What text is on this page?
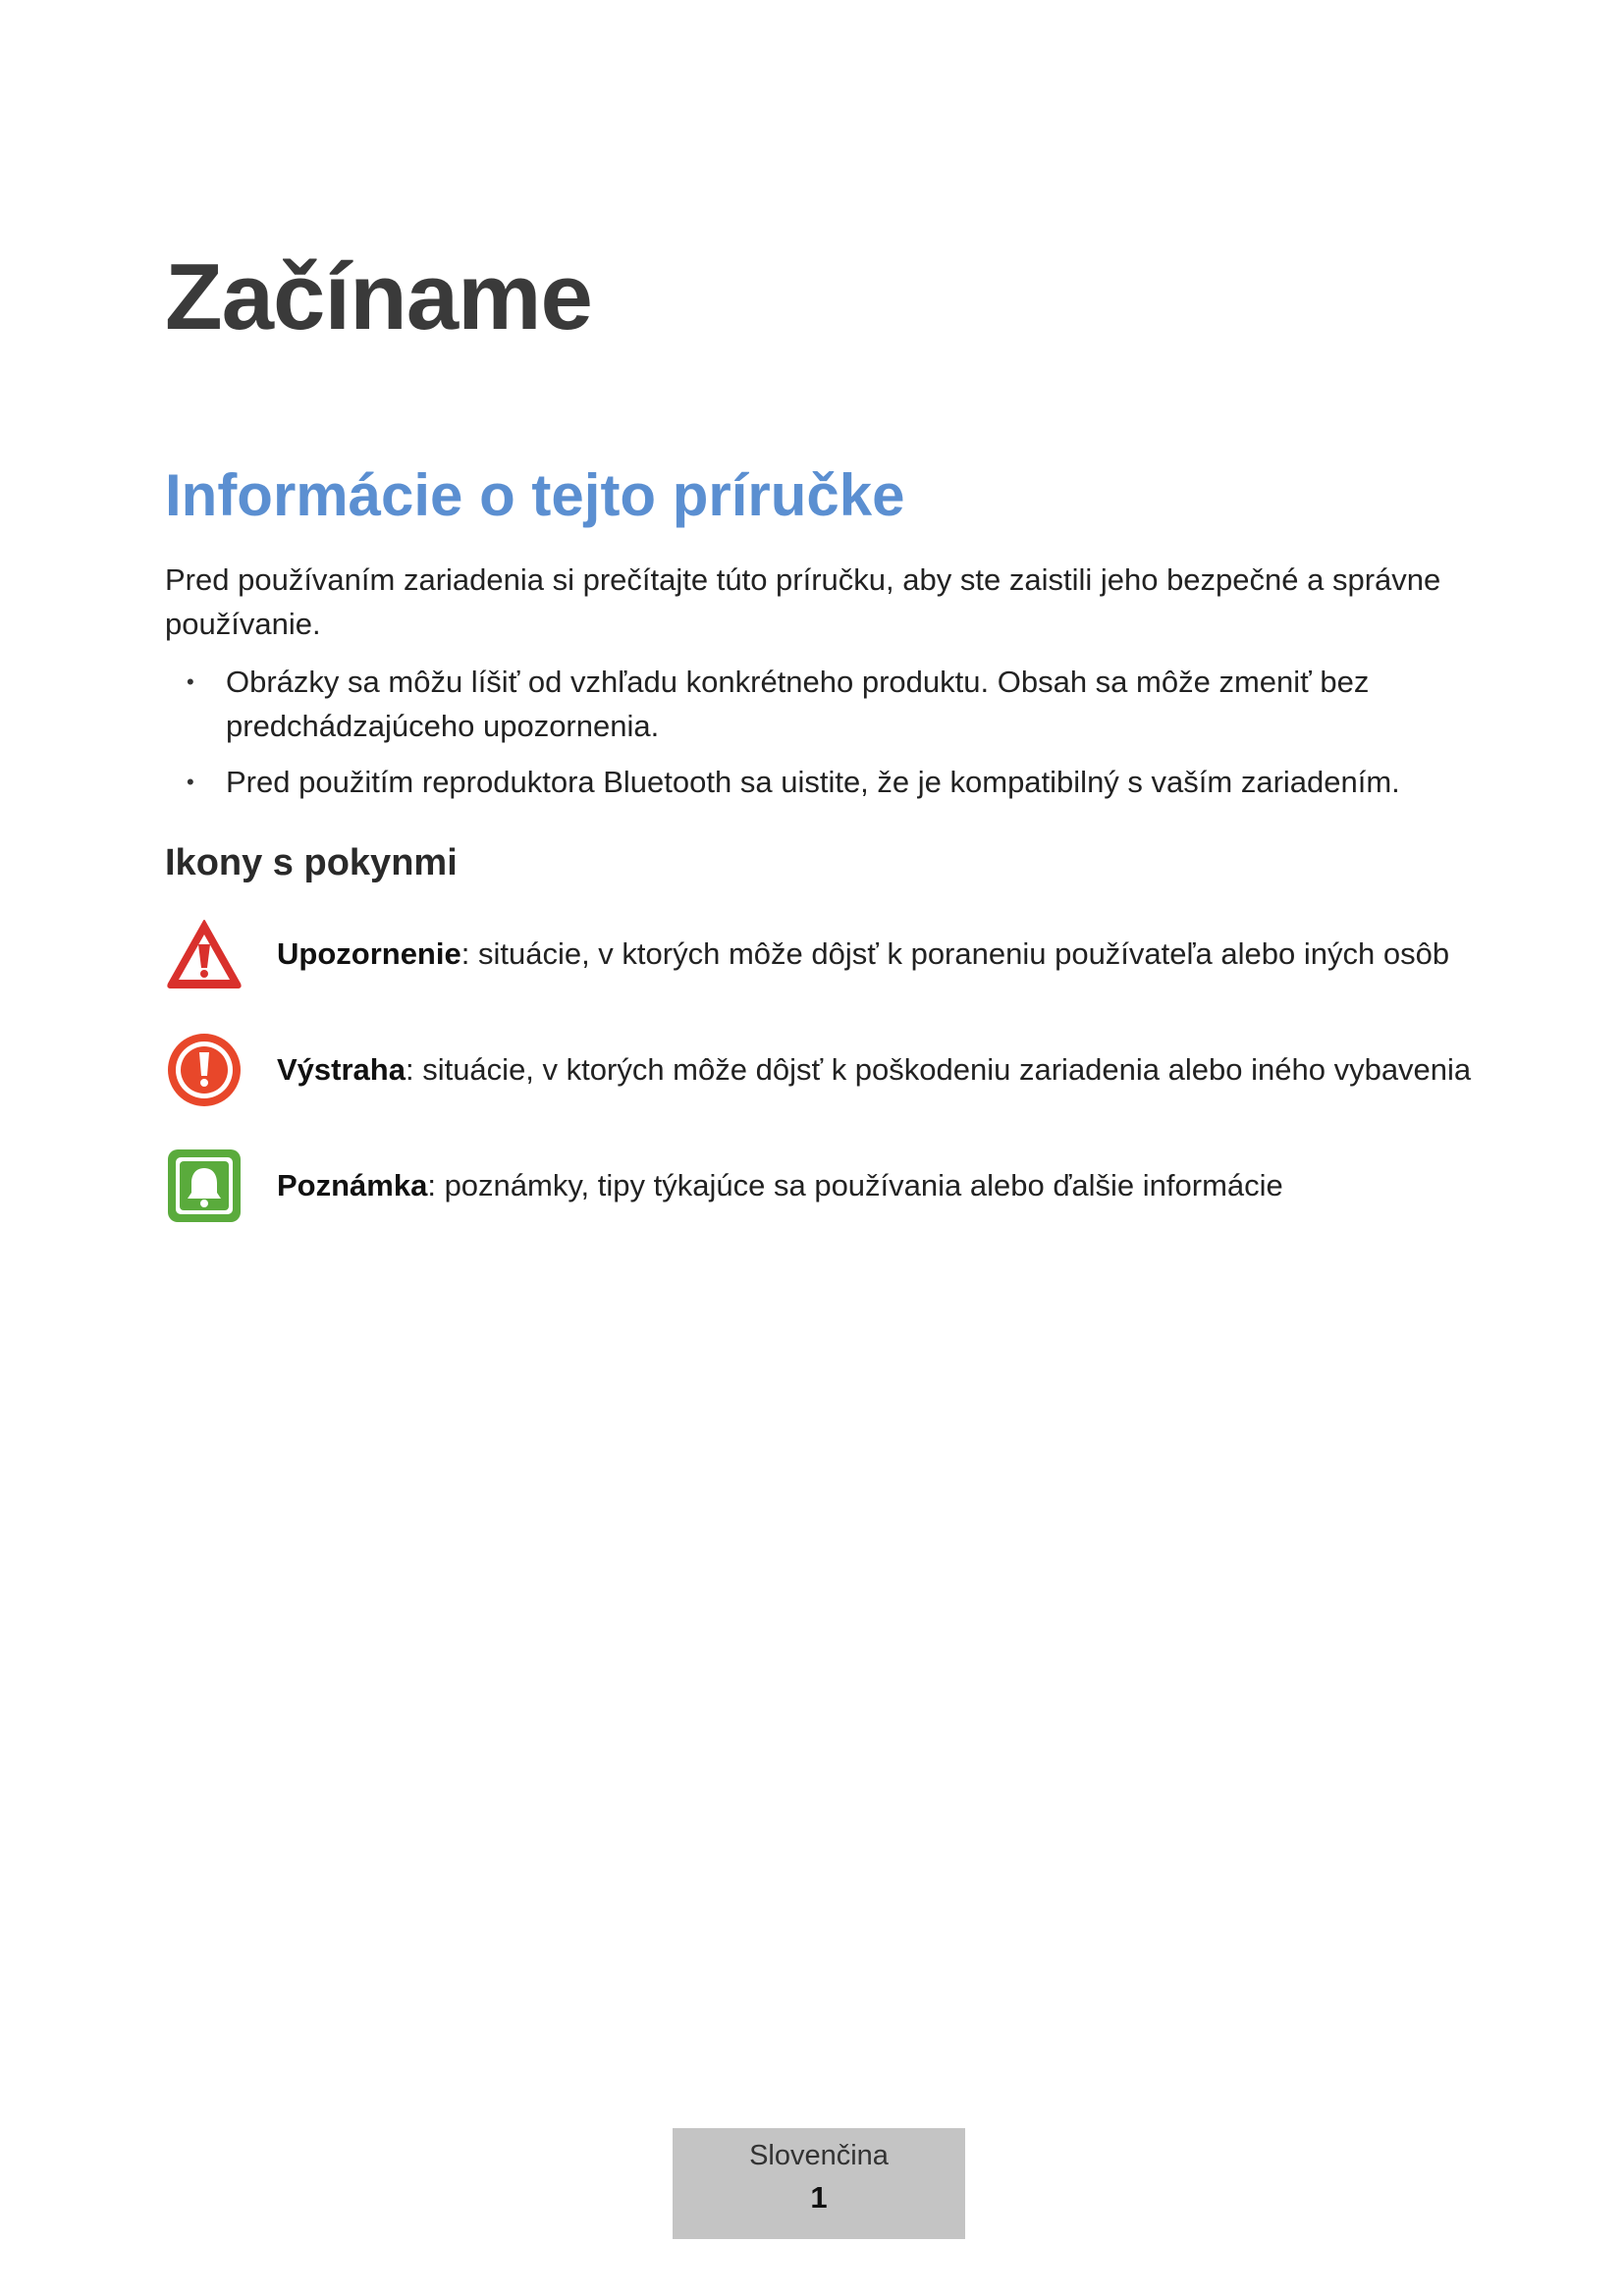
Začíname
Informácie o tejto príručke

Pred používaním zariadenia si prečítajte túto príručku, aby ste zaistili jeho bezpečné a správne používanie.

• Obrázky sa môžu líšiť od vzhľadu konkrétneho produktu. Obsah sa môže zmeniť bez predchádzajúceho upozornenia.
• Pred použitím reproduktora Bluetooth sa uistite, že je kompatibilný s vaším zariadením.
Ikony s pokynmi
Upozornenie : situácie, v ktorých môže dôjsť k poraneniu používateľa alebo iných osôb
Výstraha : situácie, v ktorých môže dôjsť k poškodeniu zariadenia alebo iného vybavenia
Poznámka : poznámky, tipy týkajúce sa používania alebo ďalšie informácie
Slovenčina
1
